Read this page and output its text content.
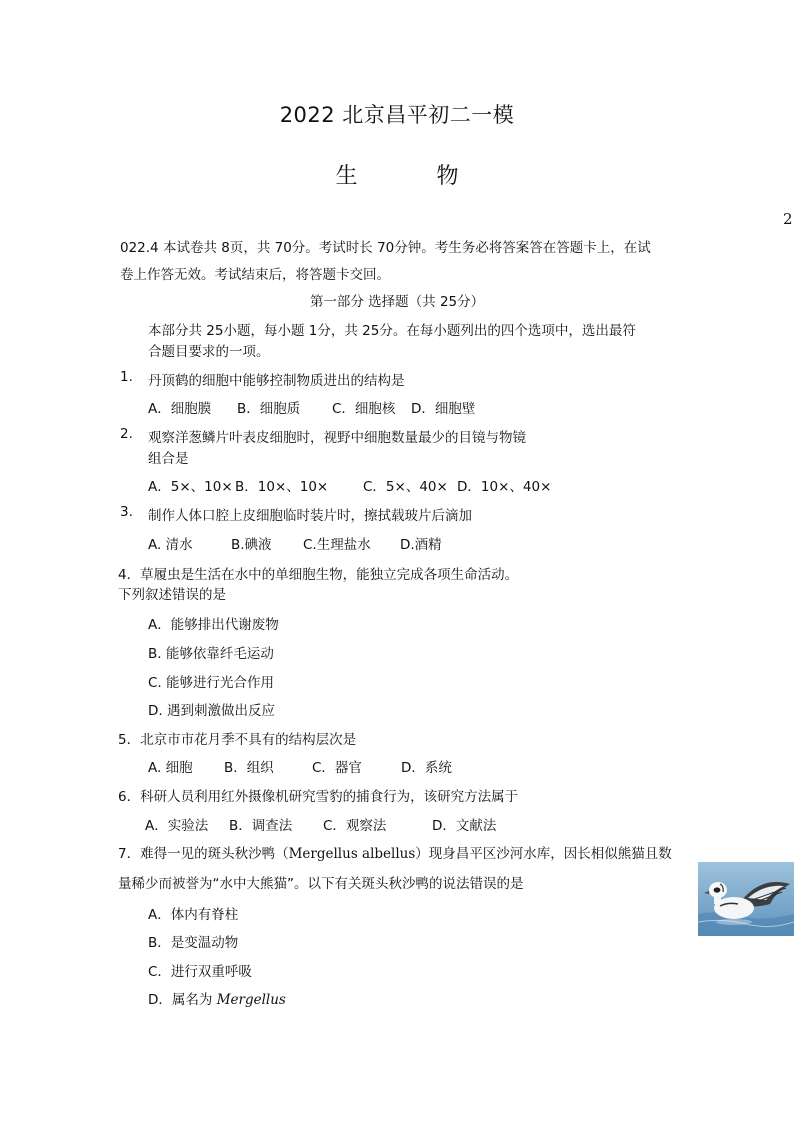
2022 北京昌平初二一模
生 物
2
022.4 本试卷共 8页，共 70分。考试时长 70分钟。考生务必将答案答在答题卡上，在试
卷上作答无效。考试结束后，将答题卡交回。
第一部分 选择题（共 25分）
本部分共 25小题，每小题 1分，共 25分。在每小题列出的四个选项中，选出最符
合题目要求的一项。
1. 丹顶鹤的细胞中能够控制物质进出的结构是
A．细胞膜 B．细胞质 C．细胞核 D．细胞壁
2. 观察洋葱鳞片叶表皮细胞时，视野中细胞数量最少的目镜与物镜
组合是
A．5×、10× B．10×、10×	C．5×、40× D．10×、40×
3. 制作人体口腔上皮细胞临时装片时，擦拭载玻片后滴加
A. 清水	B.碘液 C.生理盐水 D.酒精
4．草履虫是生活在水中的单细胞生物，能独立完成各项生命活动。
下列叙述错误的是
A．能够排出代谢废物
B. 能够依靠纤毛运动
C. 能够进行光合作用
D. 遇到刺激做出反应
5．北京市市花月季不具有的结构层次是
A. 细胞 B．组织	C．器官	D．系统
6．科研人员利用红外摄像机研究雪豹的捕食行为，该研究方法属于
A．实验法 B．调查法 C．观察法	D．文献法
7．难得一见的斑头秋沙鸭（Mergellus albellus）现身昌平区沙河水库，因长相似熊猫且数
量稀少而被誉为“水中大熊猫”。以下有关斑头秋沙鸭的说法错误的是
A．体内有脊柱
B．是变温动物
C．进行双重呼吸
D．属名为 Mergellus
